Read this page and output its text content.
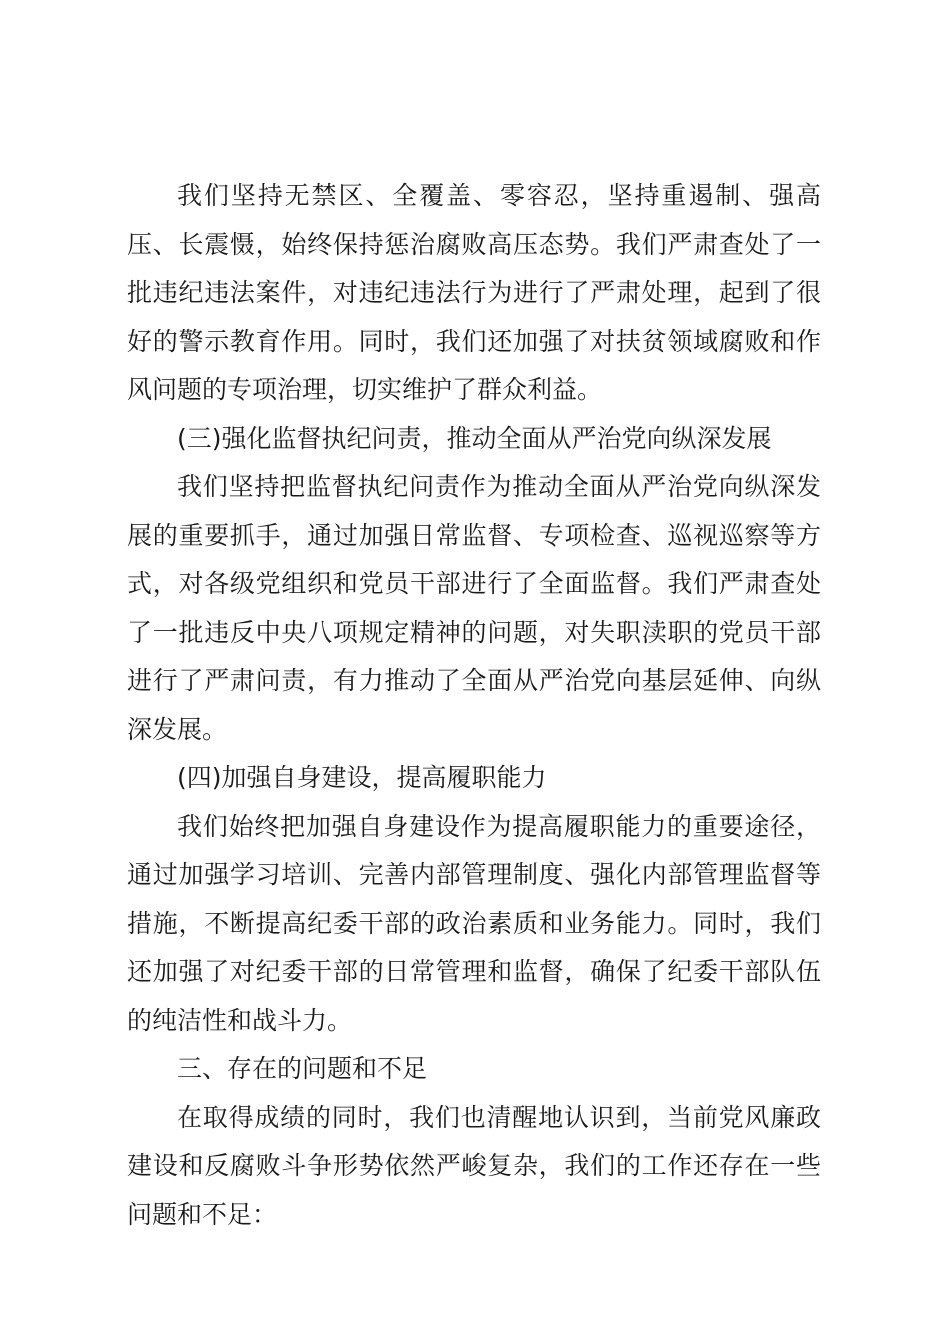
我们坚持无禁区、全覆盖、零容忍，坚持重遏制、强高压、长震慑，始终保持惩治腐败高压态势。我们严肃查处了一批违纪违法案件，对违纪违法行为进行了严肃处理，起到了很好的警示教育作用。同时，我们还加强了对扶贫领域腐败和作风问题的专项治理，切实维护了群众利益。

(三)强化监督执纪问责，推动全面从严治党向纵深发展

我们坚持把监督执纪问责作为推动全面从严治党向纵深发展的重要抓手，通过加强日常监督、专项检查、巡视巡察等方式，对各级党组织和党员干部进行了全面监督。我们严肃查处了一批违反中央八项规定精神的问题，对失职渎职的党员干部进行了严肃问责，有力推动了全面从严治党向基层延伸、向纵深发展。

(四)加强自身建设，提高履职能力

我们始终把加强自身建设作为提高履职能力的重要途径，通过加强学习培训、完善内部管理制度、强化内部管理监督等措施，不断提高纪委干部的政治素质和业务能力。同时，我们还加强了对纪委干部的日常管理和监督，确保了纪委干部队伍的纯洁性和战斗力。

三、存在的问题和不足

在取得成绩的同时，我们也清醒地认识到，当前党风廉政建设和反腐败斗争形势依然严峻复杂，我们的工作还存在一些问题和不足：
